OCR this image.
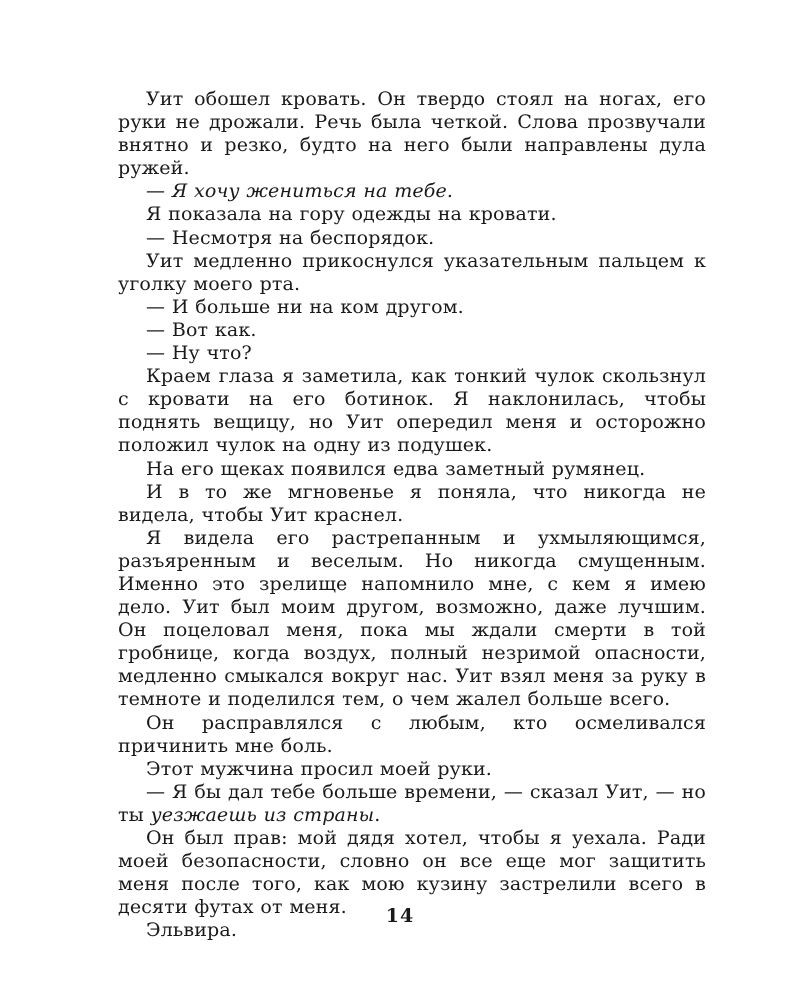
Уит обошел кровать. Он твердо стоял на ногах, его руки не дрожали. Речь была четкой. Слова прозвучали внятно и резко, будто на него были направлены дула ружей.

— Я хочу жениться на тебе.

Я показала на гору одежды на кровати.

— Несмотря на беспорядок.

Уит медленно прикоснулся указательным пальцем к уголку моего рта.

— И больше ни на ком другом.

— Вот как.

— Ну что?

Краем глаза я заметила, как тонкий чулок скользнул с кровати на его ботинок. Я наклонилась, чтобы поднять вещицу, но Уит опередил меня и осторожно положил чулок на одну из подушек.

На его щеках появился едва заметный румянец.

И в то же мгновенье я поняла, что никогда не видела, чтобы Уит краснел.

Я видела его растрепанным и ухмыляющимся, разъяренным и веселым. Но никогда смущенным. Именно это зрелище напомнило мне, с кем я имею дело. Уит был моим другом, возможно, даже лучшим. Он поцеловал меня, пока мы ждали смерти в той гробнице, когда воздух, полный незримой опасности, медленно смыкался вокруг нас. Уит взял меня за руку в темноте и поделился тем, о чем жалел больше всего.

Он расправлялся с любым, кто осмеливался причинить мне боль.

Этот мужчина просил моей руки.

— Я бы дал тебе больше времени, — сказал Уит, — но ты уезжаешь из страны.

Он был прав: мой дядя хотел, чтобы я уехала. Ради моей безопасности, словно он все еще мог защитить меня после того, как мою кузину застрелили всего в десяти футах от меня.

Эльвира.

14
